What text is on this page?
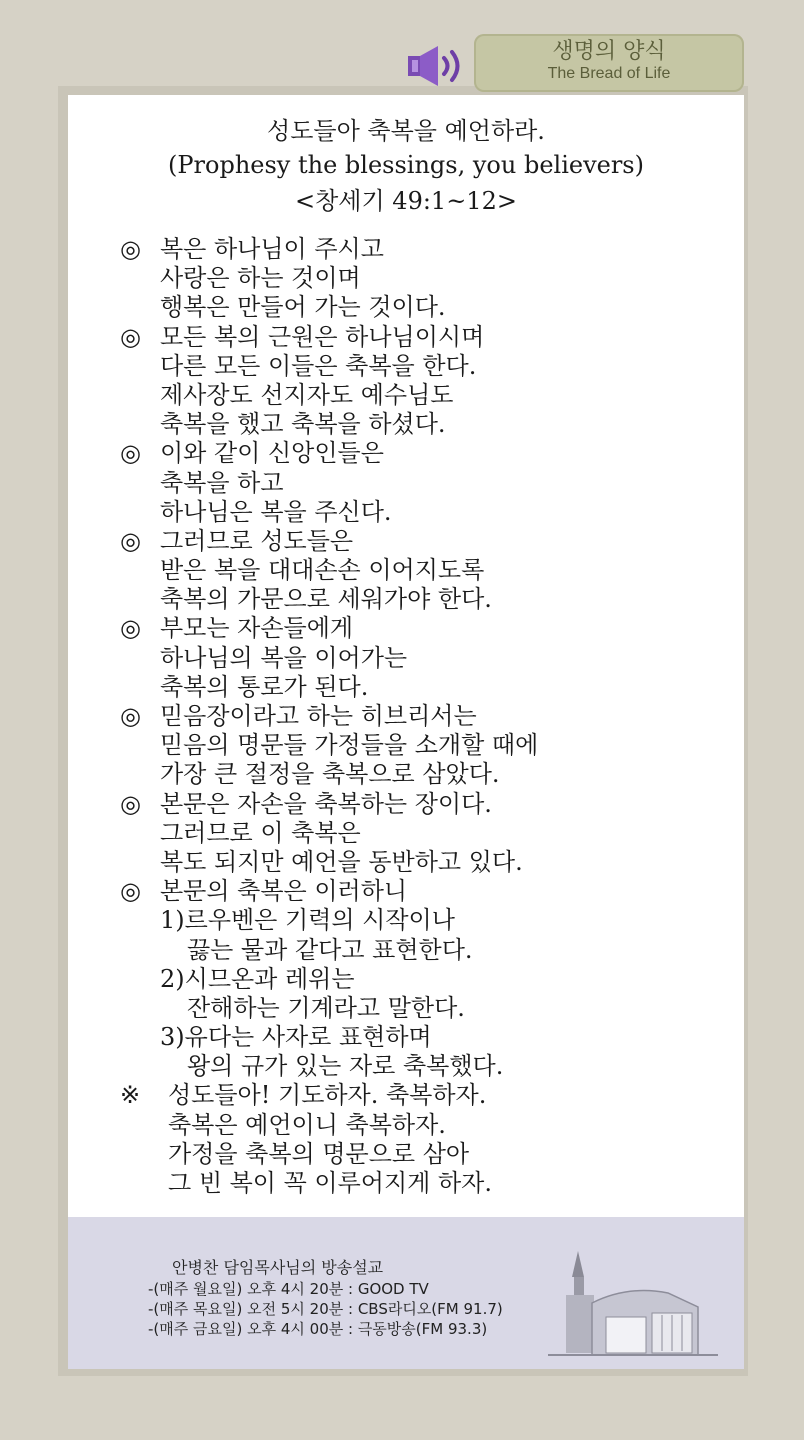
생명의 양식
The Bread of Life
성도들아 축복을 예언하라.
(Prophesy the blessings, you believers)
<창세기 49:1~12>
◎ 복은 하나님이 주시고
사랑은 하는 것이며
행복은 만들어 가는 것이다.
◎ 모든 복의 근원은 하나님이시며
다른 모든 이들은 축복을 한다.
제사장도 선지자도 예수님도
축복을 했고 축복을 하셨다.
◎ 이와 같이 신앙인들은
축복을 하고
하나님은 복을 주신다.
◎ 그러므로 성도들은
받은 복을 대대손손 이어지도록
축복의 가문으로 세워가야 한다.
◎ 부모는 자손들에게
하나님의 복을 이어가는
축복의 통로가 된다.
◎ 믿음장이라고 하는 히브리서는
믿음의 명문들 가정들을 소개할 때에
가장 큰 절정을 축복으로 삼았다.
◎ 본문은 자손을 축복하는 장이다.
그러므로 이 축복은
복도 되지만 예언을 동반하고 있다.
◎ 본문의 축복은 이러하니
1)르우벤은 기력의 시작이나
끓는 물과 같다고 표현한다.
2)시므온과 레위는
잔해하는 기계라고 말한다.
3)유다는 사자로 표현하며
왕의 규가 있는 자로 축복했다.
※	성도들아! 기도하자. 축복하자.
축복은 예언이니 축복하자.
가정을 축복의 명문으로 삼아
그 빈 복이 꼭 이루어지게 하자.
안병찬 담임목사님의 방송설교
-(매주 월요일) 오후 4시 20분 : GOOD TV
-(매주 목요일) 오전 5시 20분 : CBS라디오(FM 91.7)
-(매주 금요일) 오후 4시 00분 : 극동방송(FM 93.3)
